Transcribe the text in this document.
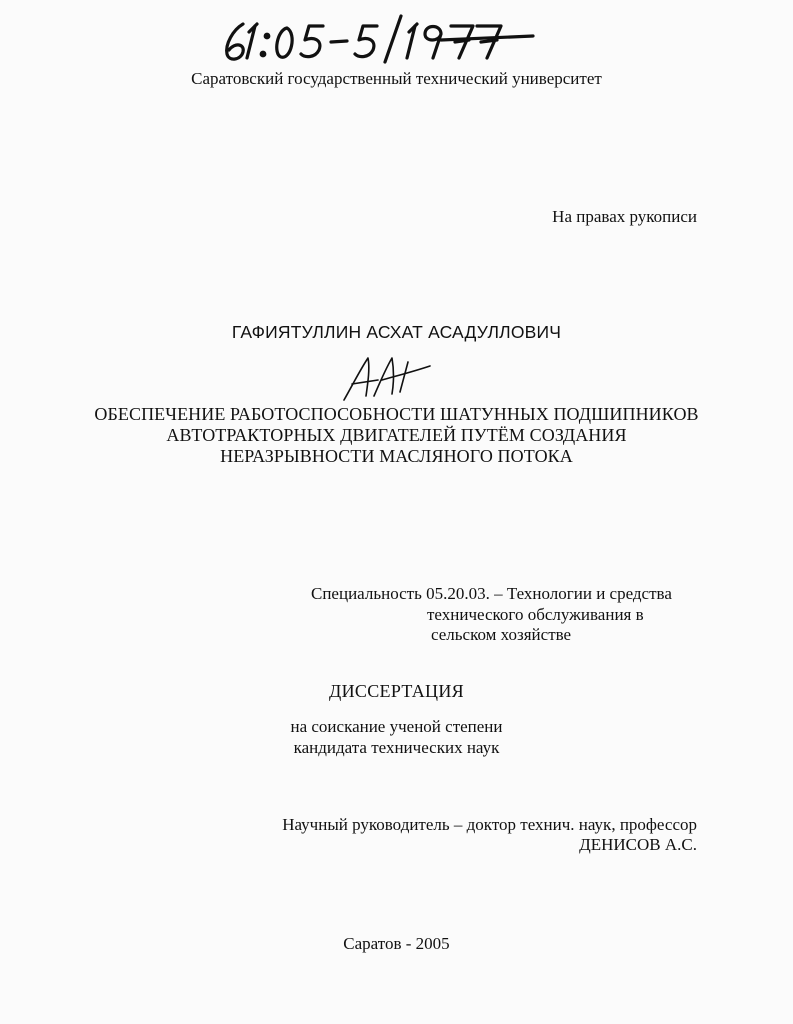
Саратовский государственный технический университет
На правах рукописи
ГАФИЯТУЛЛИН АСХАТ АСАДУЛЛОВИЧ
ОБЕСПЕЧЕНИЕ РАБОТОСПОСОБНОСТИ ШАТУННЫХ ПОДШИПНИКОВ
АВТОТРАКТОРНЫХ ДВИГАТЕЛЕЙ ПУТЁМ СОЗДАНИЯ
НЕРАЗРЫВНОСТИ МАСЛЯНОГО ПОТОКА
Специальность 05.20.03. – Технологии и средства
технического обслуживания в
сельском хозяйстве
ДИССЕРТАЦИЯ
на соискание ученой степени
кандидата технических наук
Научный руководитель – доктор технич. наук, профессор
ДЕНИСОВ А.С.
Саратов - 2005
